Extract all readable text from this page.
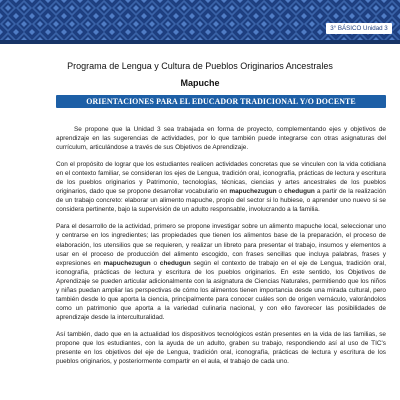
3° BÁSICO Unidad 3
Programa de Lengua y Cultura de Pueblos Originarios Ancestrales
Mapuche
ORIENTACIONES PARA EL EDUCADOR TRADICIONAL Y/O DOCENTE

Se propone que la Unidad 3 sea trabajada en forma de proyecto, complementando ejes y objetivos de aprendizaje en las sugerencias de actividades, por lo que también puede integrarse con otras asignaturas del currículum, articulándose a través de sus Objetivos de Aprendizaje.

Con el propósito de lograr que los estudiantes realicen actividades concretas que se vinculen con la vida cotidiana en el contexto familiar, se consideran los ejes de Lengua, tradición oral, iconografía, prácticas de lectura y escritura de los pueblos originarios y Patrimonio, tecnologías, técnicas, ciencias y artes ancestrales de los pueblos originarios, dado que se propone desarrollar vocabulario en mapuchezugun o chedugun a partir de la realización de un trabajo concreto: elaborar un alimento mapuche, propio del sector si lo hubiese, o aprender uno nuevo si se considera pertinente, bajo la supervisión de un adulto responsable, involucrando a la familia.

Para el desarrollo de la actividad, primero se propone investigar sobre un alimento mapuche local, seleccionar uno y centrarse en los ingredientes; las propiedades que tienen los alimentos base de la preparación, el proceso de elaboración, los utensilios que se requieren, y realizar un libreto para presentar el trabajo, insumos y elementos a usar en el proceso de producción del alimento escogido, con frases sencillas que incluya palabras, frases y expresiones en mapuchezugun o chedugun según el contexto de trabajo en el eje de Lengua, tradición oral, iconografía, prácticas de lectura y escritura de los pueblos originarios. En este sentido, los Objetivos de Aprendizaje se pueden articular adicionalmente con la asignatura de Ciencias Naturales, permitiendo que los niños y niñas puedan ampliar las perspectivas de cómo los alimentos tienen importancia desde una mirada cultural, pero también desde lo que aporta la ciencia, principalmente para conocer cuáles son de origen vernáculo, valorándolos como un patrimonio que aporta a la variedad culinaria nacional, y con ello favorecer las posibilidades de aprendizaje desde la interculturalidad.

Así también, dado que en la actualidad los dispositivos tecnológicos están presentes en la vida de las familias, se propone que los estudiantes, con la ayuda de un adulto, graben su trabajo, respondiendo así al uso de TIC's presente en los objetivos del eje de Lengua, tradición oral, iconografía, prácticas de lectura y escritura de los pueblos originarios, y posteriormente compartir en el aula, el trabajo de cada uno.
